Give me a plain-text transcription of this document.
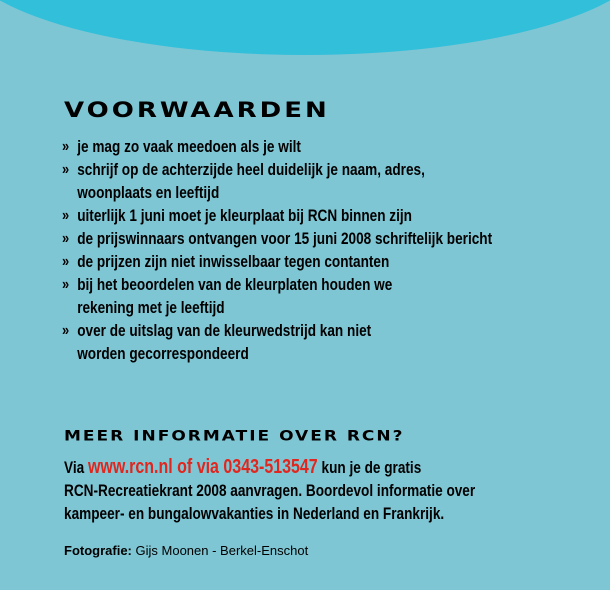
VOORWAARDEN
» je mag zo vaak meedoen als je wilt
» schrijf op de achterzijde heel duidelijk je naam, adres,
woonplaats en leeftijd
» uiterlijk 1 juni moet je kleurplaat bij RCN binnen zijn
» de prijswinnaars ontvangen voor 15 juni 2008 schriftelijk bericht
» de prijzen zijn niet inwisselbaar tegen contanten
» bij het beoordelen van de kleurplaten houden we
rekening met je leeftijd
» over de uitslag van de kleurwedstrijd kan niet
worden gecorrespondeerd
MEER INFORMATIE OVER RCN?
Via www.rcn.nl of via 0343-513547 kun je de gratis
RCN-Recreatiekrant 2008 aanvragen. Boordevol informatie over
kampeer- en bungalowvakanties in Nederland en Frankrijk.
Fotografie: Gijs Moonen - Berkel-Enschot
